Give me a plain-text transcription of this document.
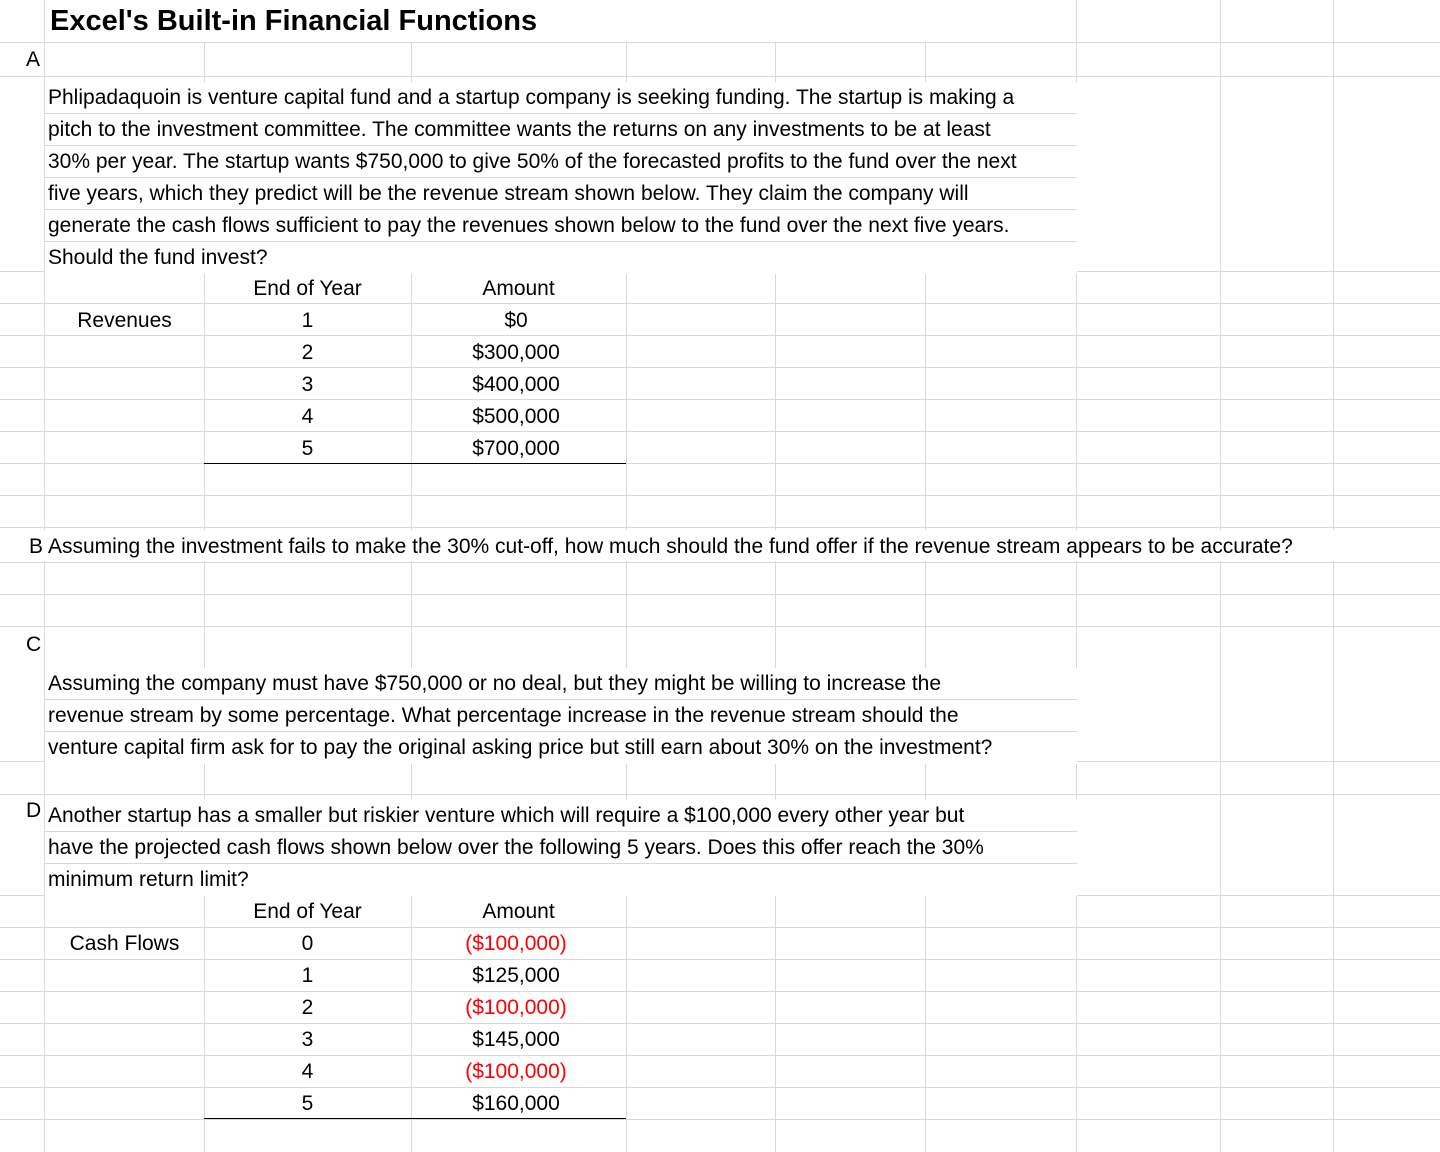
Excel's Built-in Financial Functions
A
Phlipadaquoin is venture capital fund and a startup company is seeking funding. The startup is making a
pitch to the investment committee. The committee wants the returns on any investments to be at least
30% per year. The startup wants $750,000 to give 50% of the forecasted profits to the fund over the next
five years, which they predict will be the revenue stream shown below. They claim the company will
generate the cash flows sufficient to pay the revenues shown below to the fund over the next five years.
Should the fund invest?
End of Year	Amount
Revenues	1	$0
2	$300,000
3	$400,000
4	$500,000
5	$700,000
B Assuming the investment fails to make the 30% cut-off, how much should the fund offer if the revenue stream appears to be accurate?
C
Assuming the company must have $750,000 or no deal, but they might be willing to increase the
revenue stream by some percentage. What percentage increase in the revenue stream should the
venture capital firm ask for to pay the original asking price but still earn about 30% on the investment?
D Another startup has a smaller but riskier venture which will require a $100,000 every other year but
have the projected cash flows shown below over the following 5 years. Does this offer reach the 30%
minimum return limit?
End of Year	Amount
Cash Flows	0	($100,000)
1	$125,000
2	($100,000)
3	$145,000
4	($100,000)
5	$160,000
